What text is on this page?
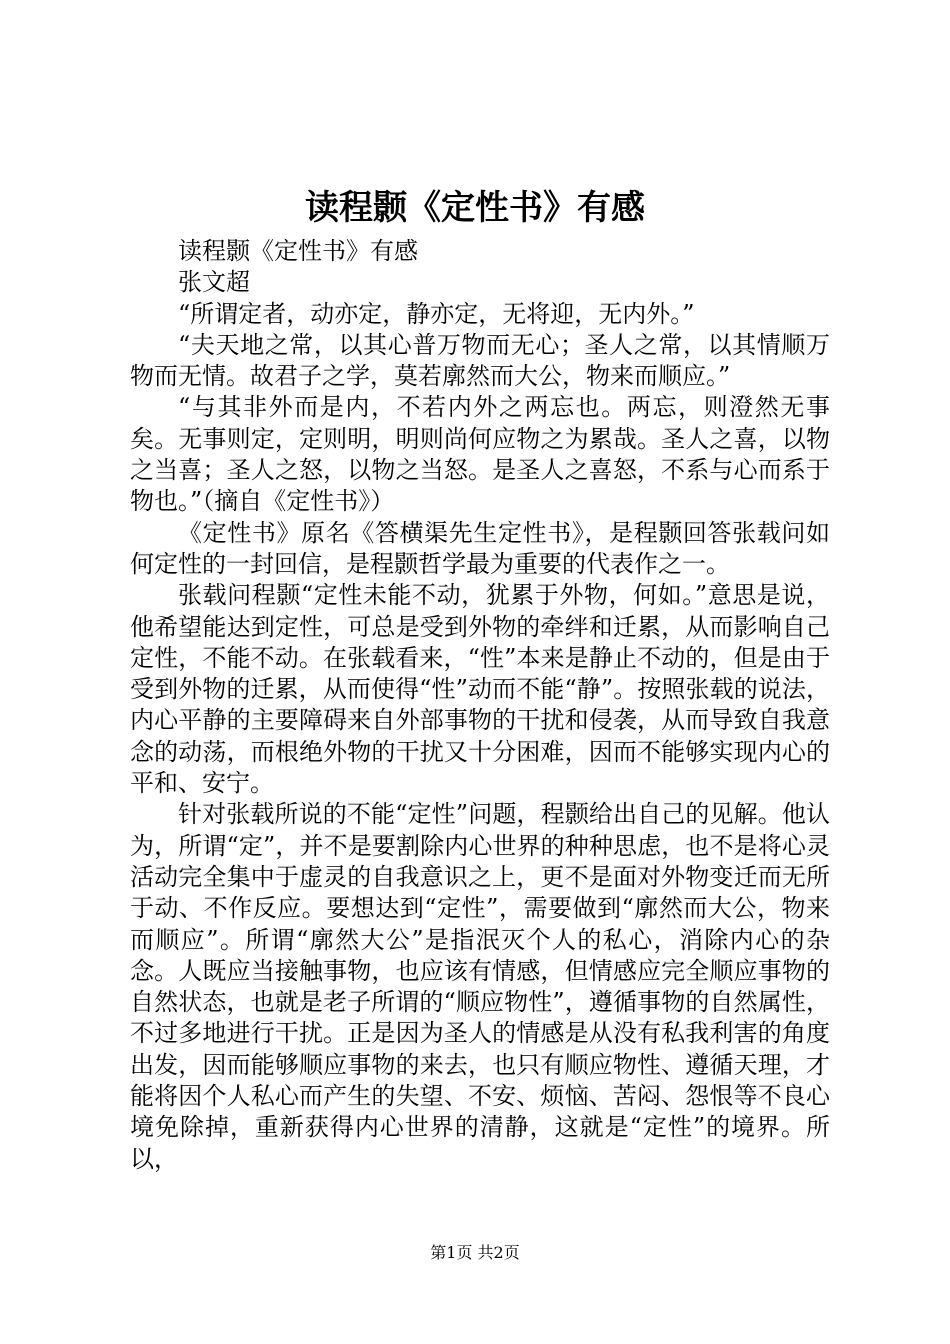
读程颢《定性书》有感

读程颢《定性书》有感

张文超

“所谓定者，动亦定，静亦定，无将迎，无内外。”

“夫天地之常，以其心普万物而无心；圣人之常，以其情顺万物而无情。故君子之学，莫若廓然而大公，物来而顺应。”

“与其非外而是内，不若内外之两忘也。两忘，则澄然无事矣。无事则定，定则明，明则尚何应物之为累哉。圣人之喜，以物之当喜；圣人之怒，以物之当怒。是圣人之喜怒，不系与心而系于物也。”（摘自《定性书》）

《定性书》原名《答横渠先生定性书》，是程颢回答张载问如何定性的一封回信，是程颢哲学最为重要的代表作之一。

张载问程颢“定性未能不动，犹累于外物，何如。”意思是说，他希望能达到定性，可总是受到外物的牵绊和迁累，从而影响自己定性，不能不动。在张载看来，“性”本来是静止不动的，但是由于受到外物的迁累，从而使得“性”动而不能“静”。按照张载的说法，内心平静的主要障碍来自外部事物的干扰和侵袭，从而导致自我意念的动荡，而根绝外物的干扰又十分困难，因而不能够实现内心的平和、安宁。

针对张载所说的不能“定性”问题，程颢给出自己的见解。他认为，所谓“定”，并不是要割除内心世界的种种思虑，也不是将心灵活动完全集中于虚灵的自我意识之上，更不是面对外物变迁而无所于动、不作反应。要想达到“定性”，需要做到“廓然而大公，物来而顺应”。所谓“廓然大公”是指泯灭个人的私心，消除内心的杂念。人既应当接触事物，也应该有情感，但情感应完全顺应事物的自然状态，也就是老子所谓的“顺应物性”，遵循事物的自然属性，不过多地进行干扰。正是因为圣人的情感是从没有私我利害的角度出发，因而能够顺应事物的来去，也只有顺应物性、遵循天理，才能将因个人私心而产生的失望、不安、烦恼、苦闷、怨恨等不良心境免除掉，重新获得内心世界的清静，这就是“定性”的境界。所以，

第1页 共2页
